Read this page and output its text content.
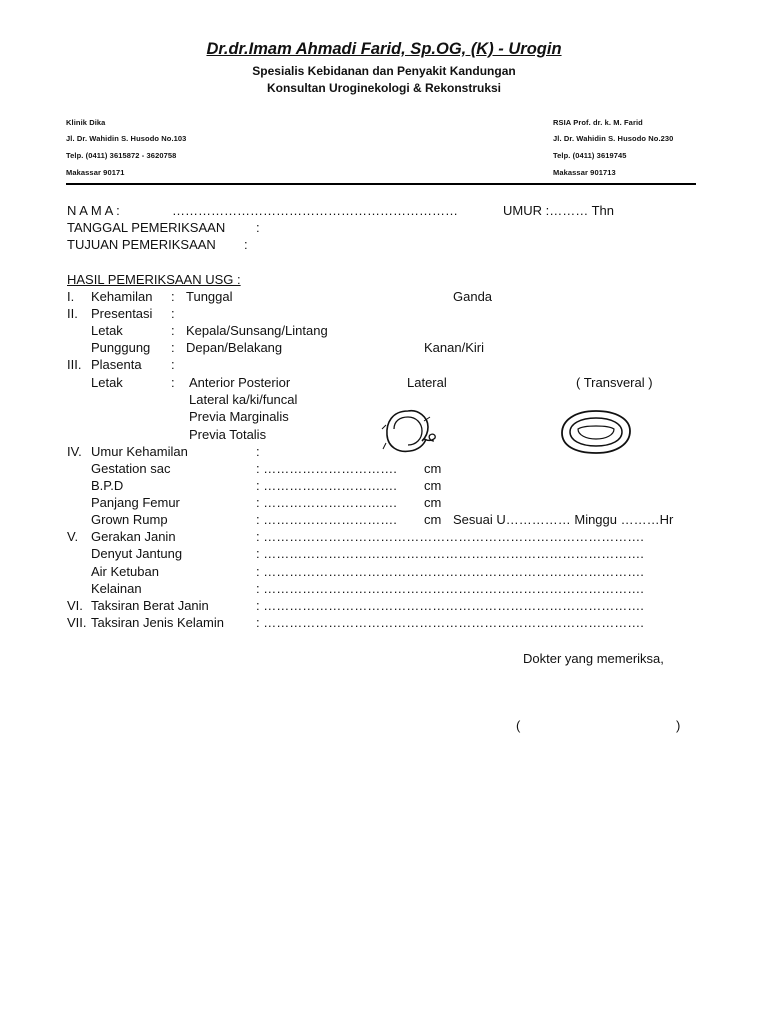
Dr.dr.Imam Ahmadi Farid, Sp.OG, (K) - Urogin
Spesialis Kebidanan dan Penyakit Kandungan
Konsultan Uroginekologi & Rekonstruksi
Klinik Dika
Jl. Dr. Wahidin S. Husodo No.103
Telp. (0411) 3615872 - 3620758
Makassar 90171
RSIA Prof. dr. k. M. Farid
Jl. Dr. Wahidin S. Husodo No.230
Telp. (0411) 3619745
Makassar 901713
N A M A :	…………………………………………………………	UMUR :……… Thn
TANGGAL PEMERIKSAAN :
TUJUAN PEMERIKSAAN :
HASIL PEMERIKSAAN USG :
I. Kehamilan : Tunggal	Ganda
II. Presentasi :
Letak	: Kepala/Sunsang/Lintang
Punggung : Depan/Belakang	Kanan/Kiri
III. Plasenta :
Letak	: Anterior Posterior	Lateral	( Transveral )
Lateral ka/ki/funcal
Previa Marginalis
Previa Totalis
IV. Umur Kehamilan	:
Gestation sac	: …………………………. cm
B.P.D	: …………………………. cm
Panjang Femur	: …………………………. cm
Grown Rump	: …………………………. cm Sesuai U…………… Minggu ………Hr
V. Gerakan Janin	: …………………………………………………………………………….
Denyut Jantung	: …………………………………………………………………………….
Air Ketuban	: …………………………………………………………………………….
Kelainan	: …………………………………………………………………………….
VI. Taksiran Berat Janin	: …………………………………………………………………………….
VII. Taksiran Jenis Kelamin : …………………………………………………………………………….
Dokter yang memeriksa,
(	)
